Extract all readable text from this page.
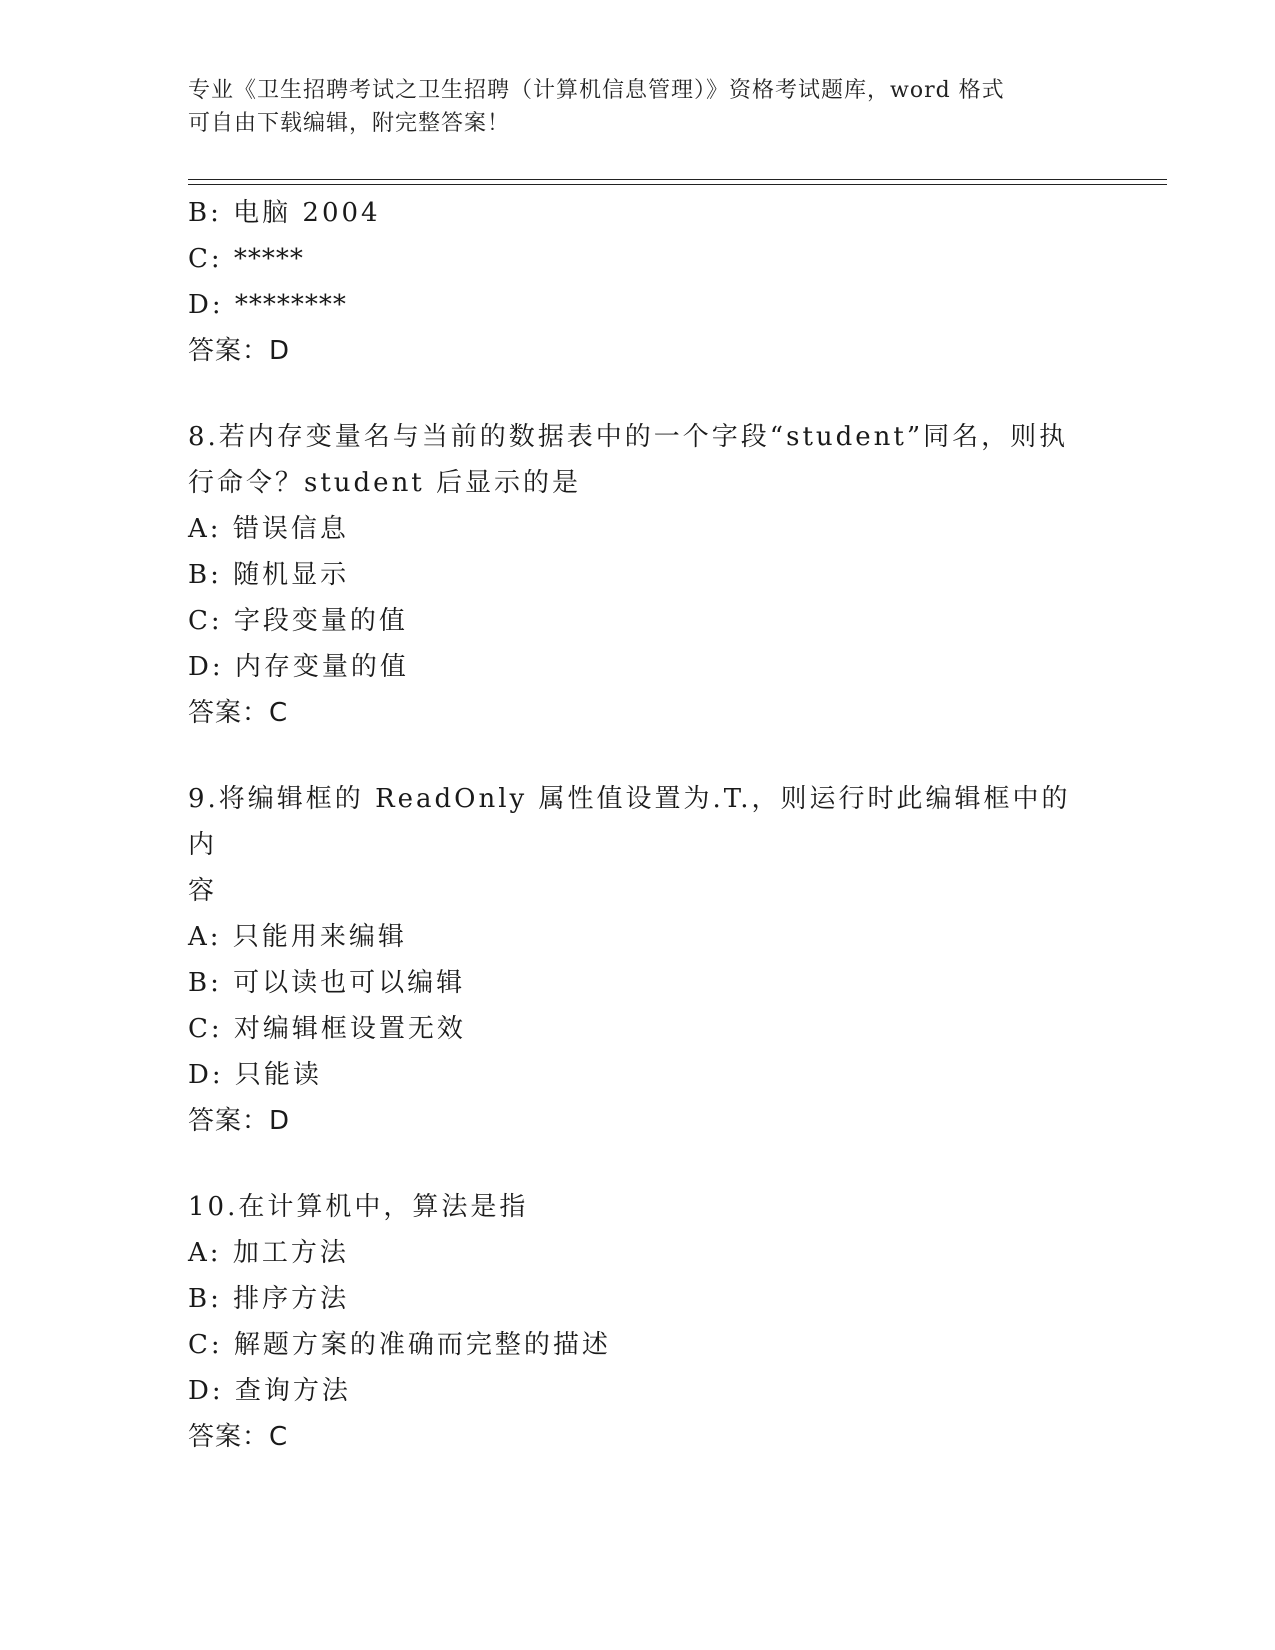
专业《卫生招聘考试之卫生招聘（计算机信息管理）》资格考试题库，word 格式
可自由下载编辑，附完整答案！
B: 电脑 2004
C: *****
D: ********
答案：D
8.若内存变量名与当前的数据表中的一个字段“student”同名，则执
行命令？student 后显示的是
A: 错误信息
B: 随机显示
C: 字段变量的值
D: 内存变量的值
答案：C
9.将编辑框的 ReadOnly 属性值设置为.T.，则运行时此编辑框中的内
容
A: 只能用来编辑
B: 可以读也可以编辑
C: 对编辑框设置无效
D: 只能读
答案：D
10.在计算机中，算法是指
A: 加工方法
B: 排序方法
C: 解题方案的准确而完整的描述
D: 查询方法
答案：C
